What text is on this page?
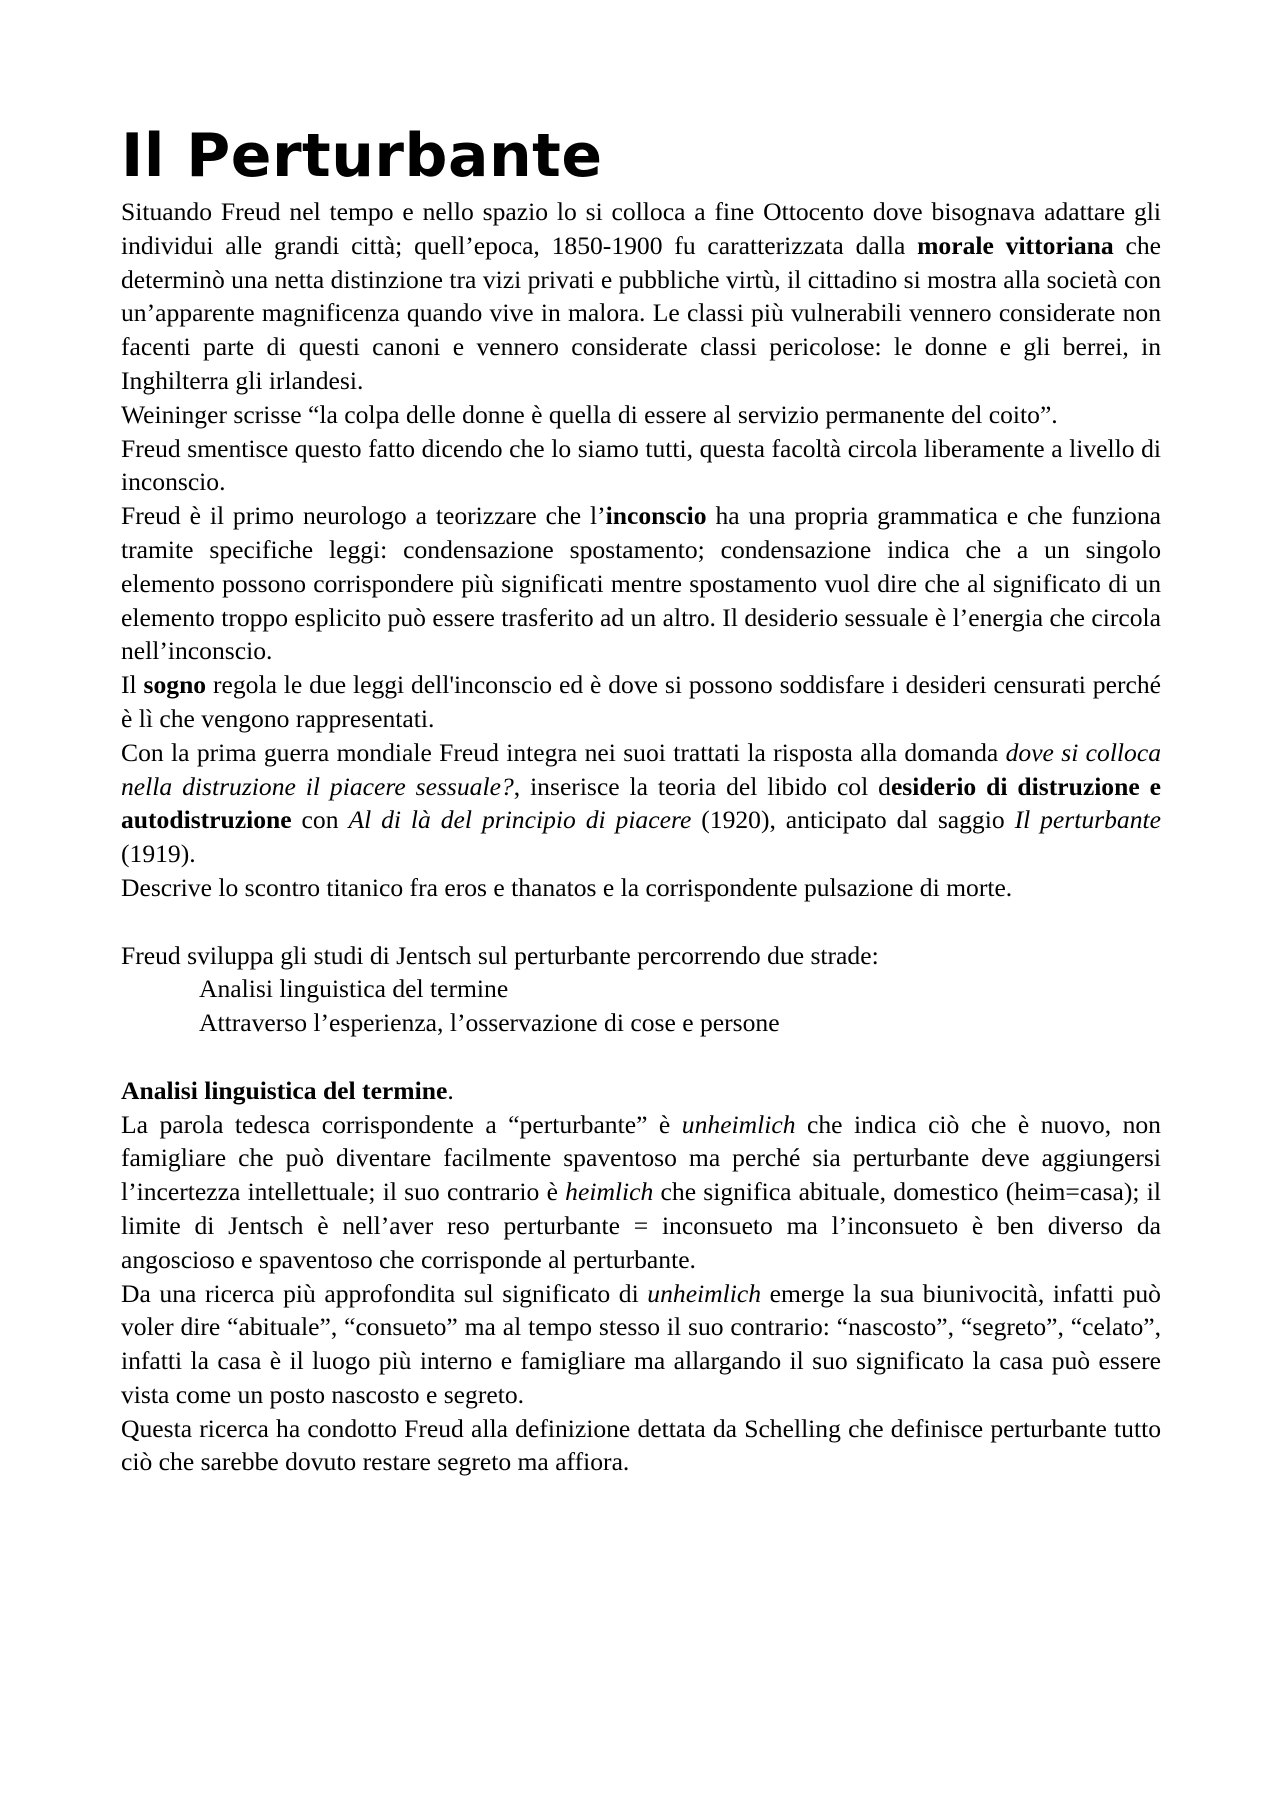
Il Perturbante

Situando Freud nel tempo e nello spazio lo si colloca a fine Ottocento dove bisognava adattare gli individui alle grandi città; quell’epoca, 1850-1900 fu caratterizzata dalla morale vittoriana che determinò una netta distinzione tra vizi privati e pubbliche virtù, il cittadino si mostra alla società con un’apparente magnificenza quando vive in malora. Le classi più vulnerabili vennero considerate non facenti parte di questi canoni e vennero considerate classi pericolose: le donne e gli berrei, in Inghilterra gli irlandesi.

Weininger scrisse “la colpa delle donne è quella di essere al servizio permanente del coito”.

Freud smentisce questo fatto dicendo che lo siamo tutti, questa facoltà circola liberamente a livello di inconscio.

Freud è il primo neurologo a teorizzare che l’inconscio ha una propria grammatica e che funziona tramite specifiche leggi: condensazione spostamento; condensazione indica che a un singolo elemento possono corrispondere più significati mentre spostamento vuol dire che al significato di un elemento troppo esplicito può essere trasferito ad un altro. Il desiderio sessuale è l’energia che circola nell’inconscio.

Il sogno regola le due leggi dell'inconscio ed è dove si possono soddisfare i desideri censurati perché è lì che vengono rappresentati.

Con la prima guerra mondiale Freud integra nei suoi trattati la risposta alla domanda dove si colloca nella distruzione il piacere sessuale?, inserisce la teoria del libido col desiderio di distruzione e autodistruzione con Al di là del principio di piacere (1920), anticipato dal saggio Il perturbante (1919).

Descrive lo scontro titanico fra eros e thanatos e la corrispondente pulsazione di morte.

Freud sviluppa gli studi di Jentsch sul perturbante percorrendo due strade:

Analisi linguistica del termine

Attraverso l’esperienza, l’osservazione di cose e persone

Analisi linguistica del termine.

La parola tedesca corrispondente a “perturbante” è unheimlich che indica ciò che è nuovo, non famigliare che può diventare facilmente spaventoso ma perché sia perturbante deve aggiungersi l’incertezza intellettuale; il suo contrario è heimlich che significa abituale, domestico (heim=casa); il limite di Jentsch è nell’aver reso perturbante = inconsueto ma l’inconsueto è ben diverso da angoscioso e spaventoso che corrisponde al perturbante.

Da una ricerca più approfondita sul significato di unheimlich emerge la sua biunivocità, infatti può voler dire “abituale”, “consueto” ma al tempo stesso il suo contrario: “nascosto”, “segreto”, “celato”, infatti la casa è il luogo più interno e famigliare ma allargando il suo significato la casa può essere vista come un posto nascosto e segreto.

Questa ricerca ha condotto Freud alla definizione dettata da Schelling che definisce perturbante tutto ciò che sarebbe dovuto restare segreto ma affiora.
